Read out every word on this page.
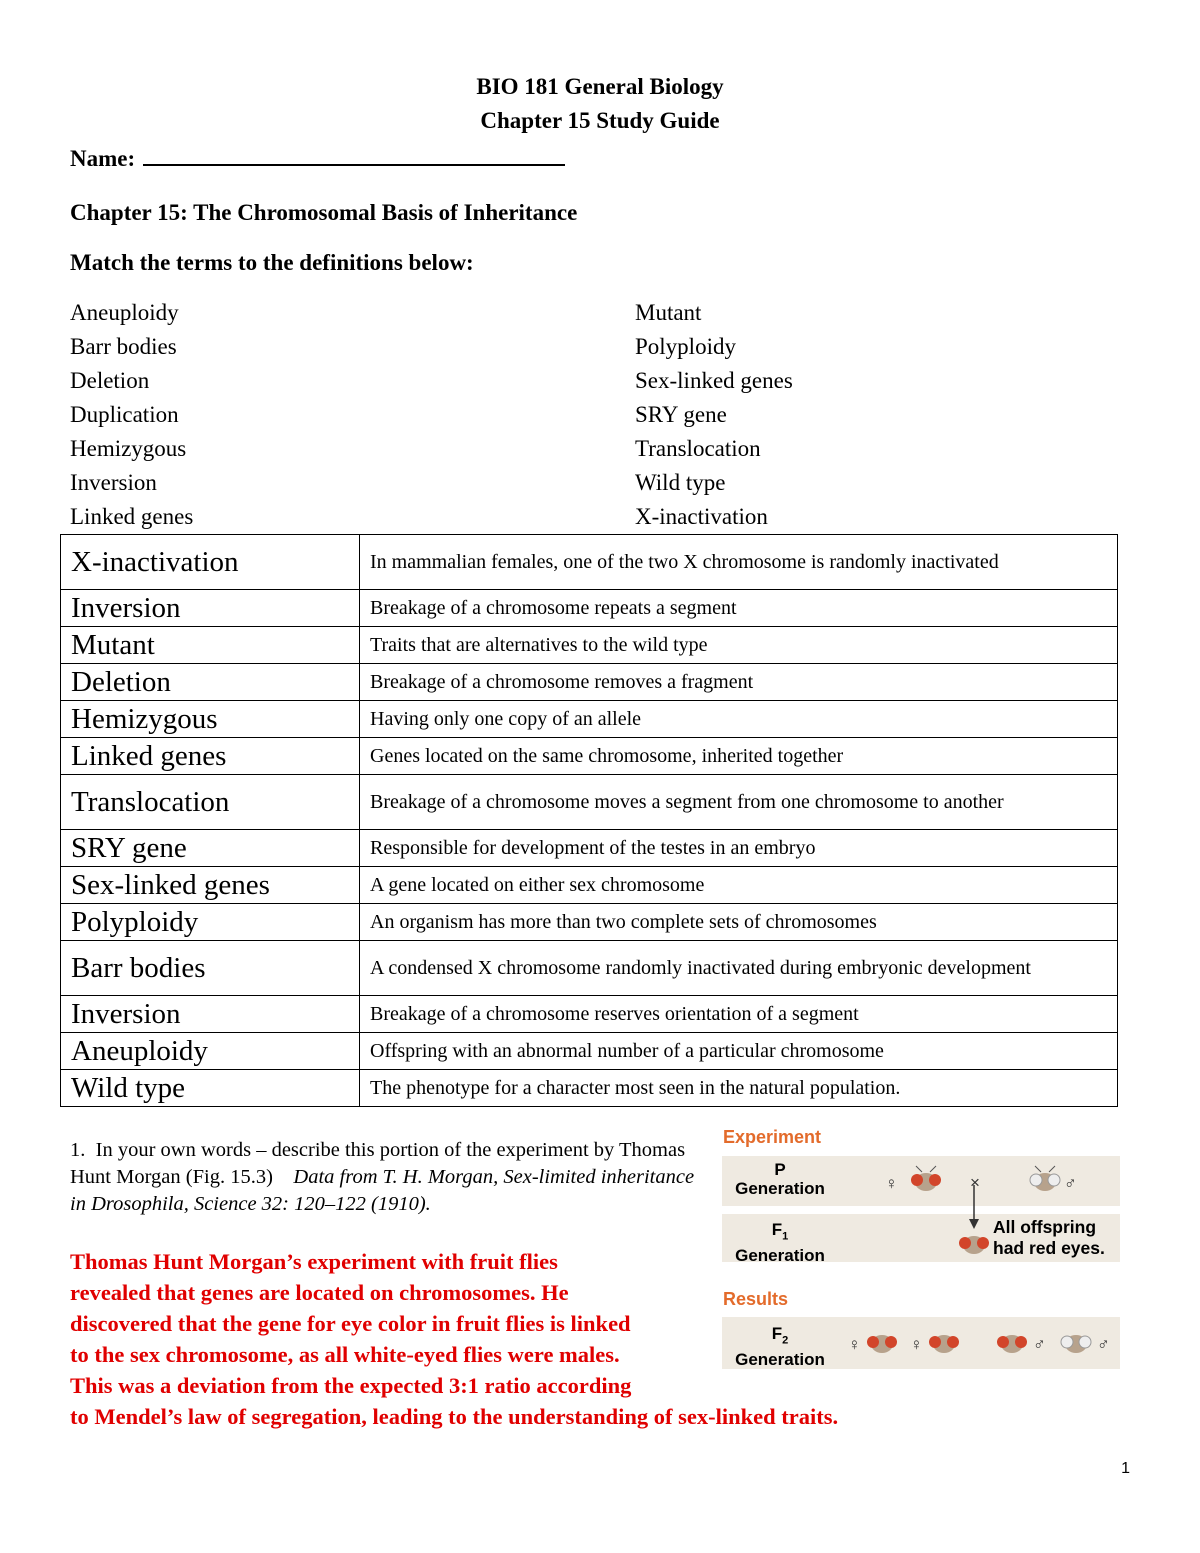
BIO 181 General Biology
Chapter 15 Study Guide
Name:
Chapter 15: The Chromosomal Basis of Inheritance
Match the terms to the definitions below:
Aneuploidy
Barr bodies
Deletion
Duplication
Hemizygous
Inversion
Linked genes
Mutant
Polyploidy
Sex-linked genes
SRY gene
Translocation
Wild type
X-inactivation
X-inactivation	In mammalian females, one of the two X chromosome is randomly inactivated
Inversion	Breakage of a chromosome repeats a segment
Mutant	Traits that are alternatives to the wild type
Deletion	Breakage of a chromosome removes a fragment
Hemizygous	Having only one copy of an allele
Linked genes	Genes located on the same chromosome, inherited together
Translocation	Breakage of a chromosome moves a segment from one chromosome to another
SRY gene	Responsible for development of the testes in an embryo
Sex-linked genes	A gene located on either sex chromosome
Polyploidy	An organism has more than two complete sets of chromosomes
Barr bodies	A condensed X chromosome randomly inactivated during embryonic development
Inversion	Breakage of a chromosome reserves orientation of a segment
Aneuploidy	Offspring with an abnormal number of a particular chromosome
Wild type	The phenotype for a character most seen in the natural population.
1. In your own words – describe this portion of the experiment by Thomas Hunt Morgan (Fig. 15.3) Data from T. H. Morgan, Sex-limited inheritance in Drosophila, Science 32: 120–122 (1910).
Thomas Hunt Morgan’s experiment with fruit flies
revealed that genes are located on chromosomes. He
discovered that the gene for eye color in fruit flies is linked
to the sex chromosome, as all white-eyed flies were males.
This was a deviation from the expected 3:1 ratio according
to Mendel’s law of segregation, leading to the understanding of sex-linked traits.
Experiment
P
Generation	♀	×	♂
$F_1$
Generation
All offspring
had red eyes.
Results
$F_2$
Generation
♀	♀	♂	♂
1
